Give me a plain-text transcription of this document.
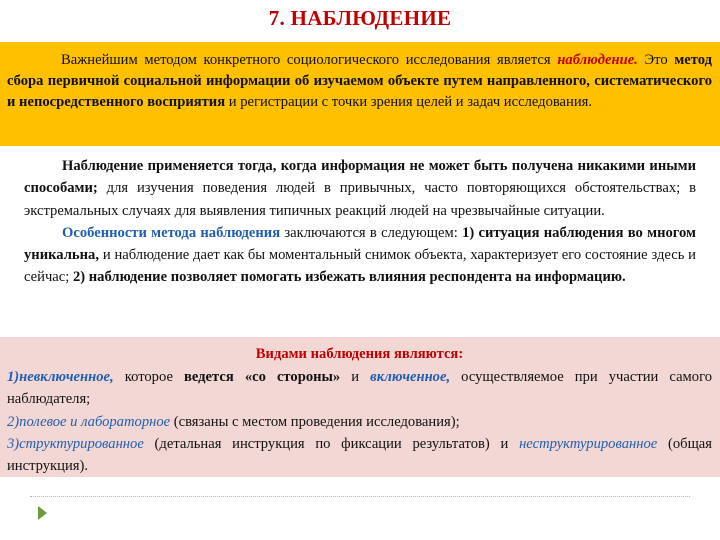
7. НАБЛЮДЕНИЕ

Важнейшим методом конкретного социологического исследования является наблюдение. Это метод сбора первичной социальной информации об изучаемом объекте путем направленного, систематического и непосредственного восприятия и регистрации с точки зрения целей и задач исследования.

Наблюдение применяется тогда, когда информация не может быть получена никакими иными способами; для изучения поведения людей в привычных, часто повторяющихся обстоятельствах; в экстремальных случаях для выявления типичных реакций людей на чрезвычайные ситуации.

Особенности метода наблюдения заключаются в следующем: 1) ситуация наблюдения во многом уникальна, и наблюдение дает как бы моментальный снимок объекта, характеризует его состояние здесь и сейчас; 2) наблюдение позволяет помогать избежать влияния респондента на информацию.

Видами наблюдения являются:

1)невключенное, которое ведется «со стороны» и включенное, осуществляемое при участии самого наблюдателя;

2)полевое и лабораторное (связаны с местом проведения исследования);

3)структурированное (детальная инструкция по фиксации результатов) и неструктурированное (общая инструкция).
